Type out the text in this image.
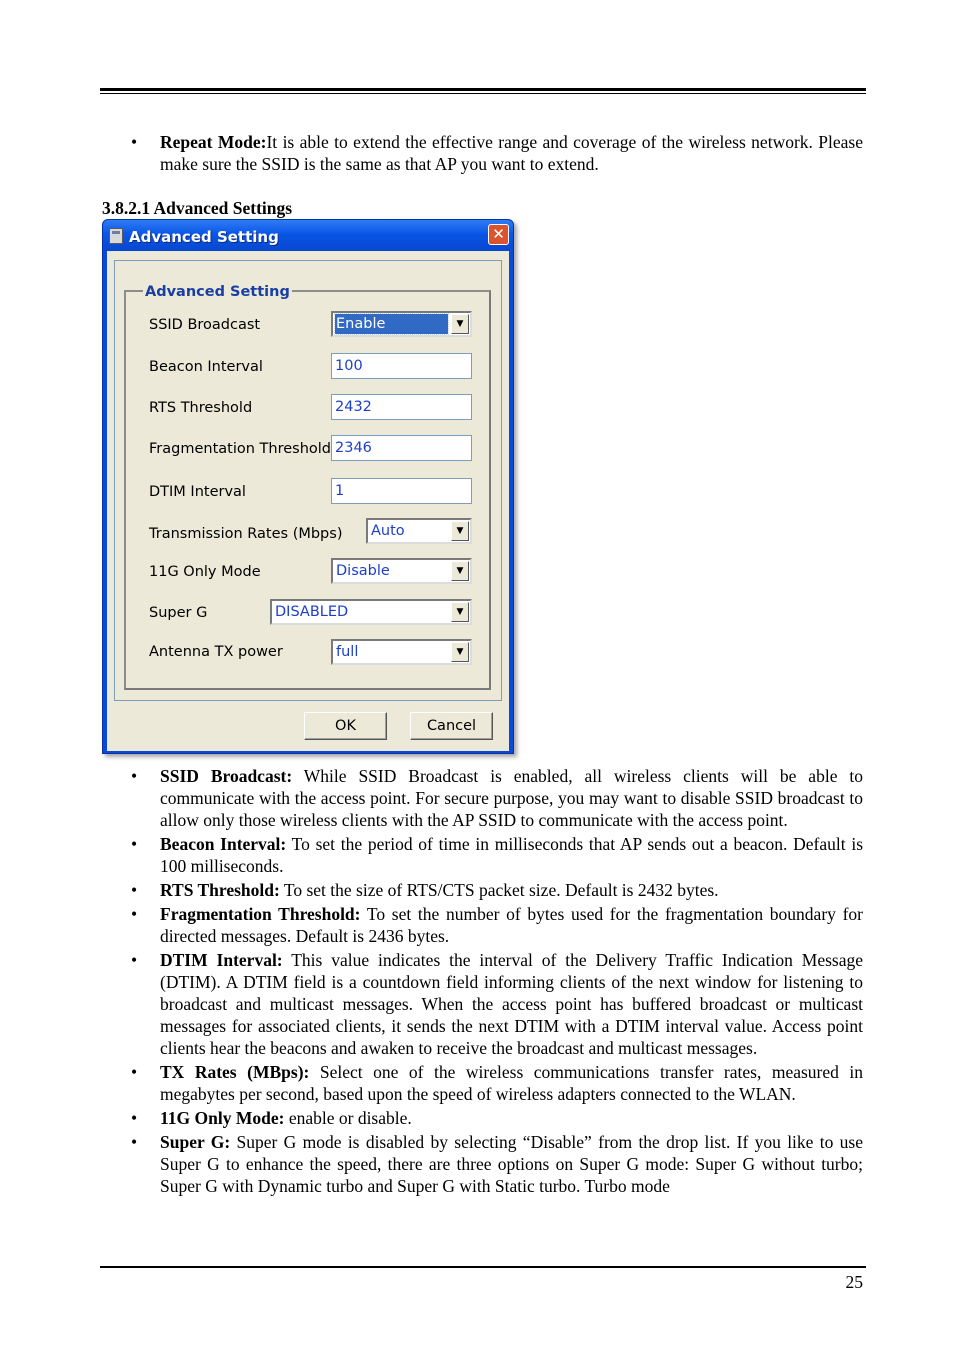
• Repeat Mode:It is able to extend the effective range and coverage of the wireless network. Please make sure the SSID is the same as that AP you want to extend.
3.8.2.1 Advanced Settings
Advanced Setting	✕
Advanced Setting
SSID Broadcast	Enable	▼
Beacon Interval	100
RTS Threshold	2432
Fragmentation Threshold 2346
DTIM Interval	1
Transmission Rates (Mbps) Auto	▼
11G Only Mode	Disable	▼
Super G	DISABLED	▼
Antenna TX power	full	▼
OK	Cancel
• SSID Broadcast: While SSID Broadcast is enabled, all wireless clients will be able to communicate with the access point. For secure purpose, you may want to disable SSID broadcast to allow only those wireless clients with the AP SSID to communicate with the access point.
• Beacon Interval: To set the period of time in milliseconds that AP sends out a beacon. Default is 100 milliseconds.
• RTS Threshold: To set the size of RTS/CTS packet size. Default is 2432 bytes.
• Fragmentation Threshold: To set the number of bytes used for the fragmentation boundary for directed messages. Default is 2436 bytes.
• DTIM Interval: This value indicates the interval of the Delivery Traffic Indication Message (DTIM). A DTIM field is a countdown field informing clients of the next window for listening to broadcast and multicast messages. When the access point has buffered broadcast or multicast messages for associated clients, it sends the next DTIM with a DTIM interval value. Access point clients hear the beacons and awaken to receive the broadcast and multicast messages.
• TX Rates (MBps): Select one of the wireless communications transfer rates, measured in megabytes per second, based upon the speed of wireless adapters connected to the WLAN.
• 11G Only Mode: enable or disable.
• Super G: Super G mode is disabled by selecting “Disable” from the drop list. If you like to use Super G to enhance the speed, there are three options on Super G mode: Super G without turbo; Super G with Dynamic turbo and Super G with Static turbo. Turbo mode
25
